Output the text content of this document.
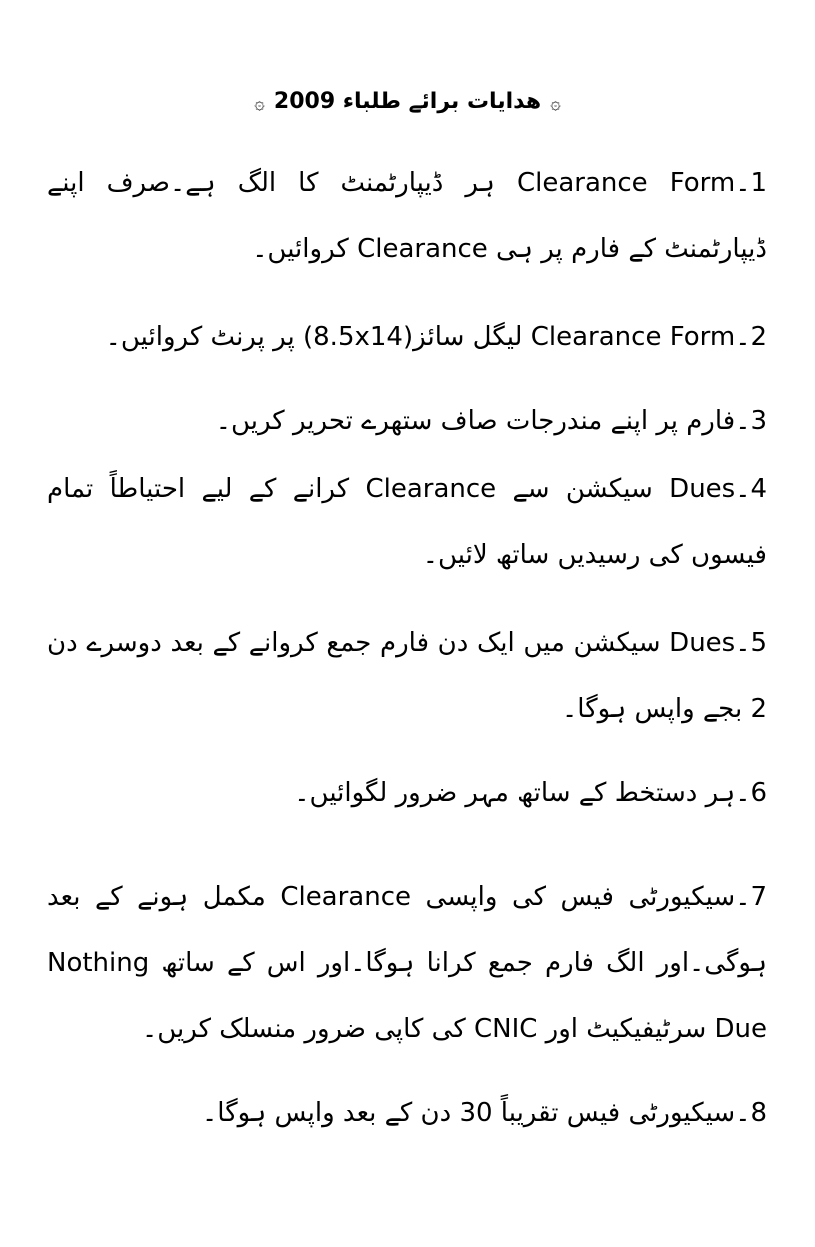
۞ ھدایات برائے طلباء 2009 ۞
1۔Clearance Form ہر ڈیپارٹمنٹ کا الگ ہے۔صرف اپنے ڈیپارٹمنٹ کے فارم پر ہی Clearance کروائیں۔
2۔Clearance Form لیگل سائز(8.5x14) پر پرنٹ کروائیں۔
3۔فارم پر اپنے مندرجات صاف ستھرے تحریر کریں۔
4۔Dues سیکشن سے Clearance کرانے کے لیے احتیاطاً تمام فیسوں کی رسیدیں ساتھ لائیں۔
5۔Dues سیکشن میں ایک دن فارم جمع کروانے کے بعد دوسرے دن 2 بجے واپس ہوگا۔
6۔ہر دستخط کے ساتھ مہر ضرور لگوائیں۔
7۔سیکیورٹی فیس کی واپسی Clearance مکمل ہونے کے بعد ہوگی۔اور الگ فارم جمع کرانا ہوگا۔اور اس کے ساتھ Nothing Due سرٹیفیکیٹ اور CNIC کی کاپی ضرور منسلک کریں۔
8۔سیکیورٹی فیس تقریباً 30 دن کے بعد واپس ہوگا۔
